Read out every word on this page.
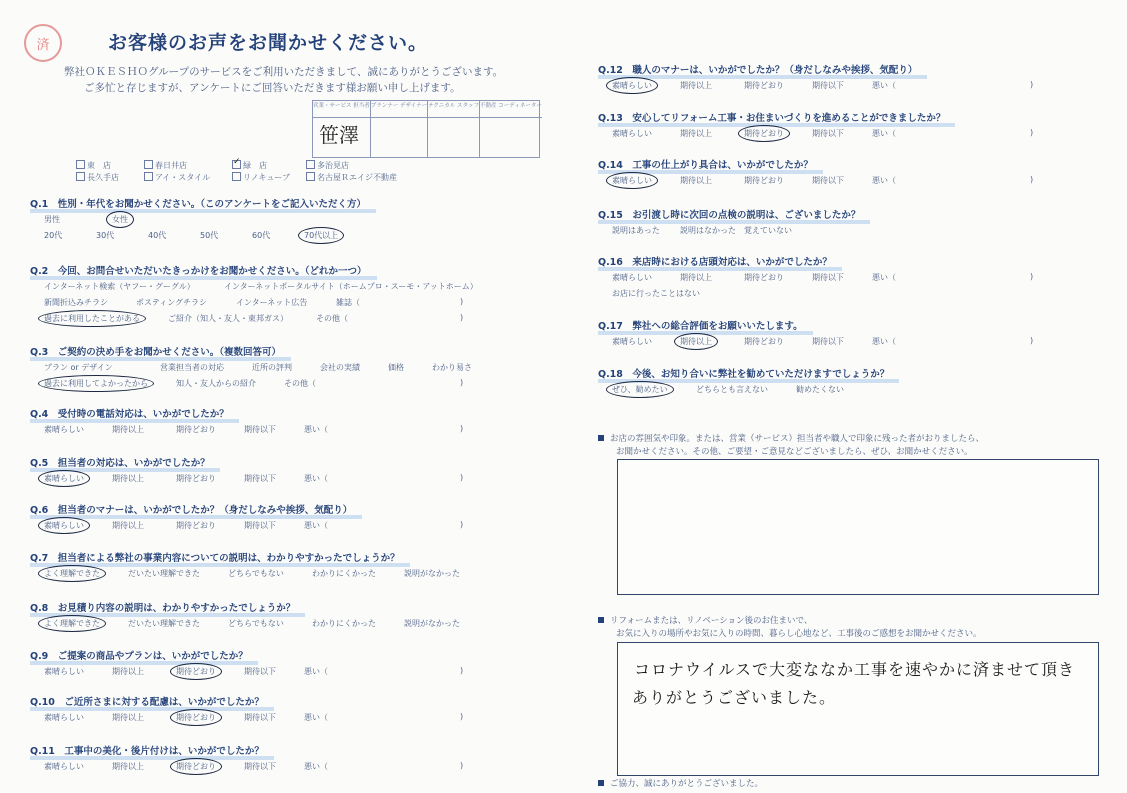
済	お客様のお声をお聞かせください。
弊社ＯＫＥＳＨＯグループのサービスをご利用いただきまして、誠にありがとうございます。
ご多忙と存じますが、アンケートにご回答いただきます様お願い申し上げます。
営業・サービス 担当者
笹澤
プランナー デザイナー テクニカル スタッフ 不動産 コーディネーター
東　店	春日井店
✓	緑　店	多治見店
長久手店	アイ・スタイル	リノキューブ	名古屋Ｒエイジ不動産
Q.1　性別・年代をお聞かせください。（このアンケートをご記入いただく方）
男性	女性
20代	30代	40代	50代	60代	70代以上
Q.2　今回、お問合せいただいたきっかけをお聞かせください。（どれか一つ）
インターネット検索（ヤフー・グーグル）	インターネットポータルサイト（ホームプロ・スーモ・アットホーム）
新聞折込みチラシ	ポスティングチラシ	インターネット広告	雑誌（	)
過去に利用したことがある	ご紹介（知人・友人・東邦ガス）	その他（	)
Q.3　ご契約の決め手をお聞かせください。（複数回答可）
プラン or デザイン	営業担当者の対応	近所の評判	会社の実績	価格	わかり易さ
過去に利用してよかったから	知人・友人からの紹介	その他（	)
Q.4　受付時の電話対応は、いかがでしたか？
素晴らしい	期待以上	期待どおり	期待以下	悪い（	)
Q.5　担当者の対応は、いかがでしたか？
素晴らしい	期待以上	期待どおり	期待以下	悪い（	)
Q.6　担当者のマナーは、いかがでしたか？（身だしなみや挨拶、気配り）
素晴らしい	期待以上	期待どおり	期待以下	悪い（	)
Q.7　担当者による弊社の事業内容についての説明は、わかりやすかったでしょうか？
よく理解できた	だいたい理解できた	どちらでもない	わかりにくかった	説明がなかった
Q.8　お見積り内容の説明は、わかりやすかったでしょうか？
よく理解できた	だいたい理解できた	どちらでもない	わかりにくかった	説明がなかった
Q.9　ご提案の商品やプランは、いかがでしたか？
素晴らしい	期待以上	期待どおり	期待以下	悪い（	)
Q.10　ご近所さまに対する配慮は、いかがでしたか？
素晴らしい	期待以上	期待どおり	期待以下	悪い（	)
Q.11　工事中の美化・後片付けは、いかがでしたか？
素晴らしい	期待以上	期待どおり	期待以下	悪い（	)
Q.12　職人のマナーは、いかがでしたか？（身だしなみや挨拶、気配り）
素晴らしい	期待以上	期待どおり	期待以下	悪い（	)
Q.13　安心してリフォーム工事・お住まいづくりを進めることができましたか？
素晴らしい	期待以上	期待どおり	期待以下	悪い（	)
Q.14　工事の仕上がり具合は、いかがでしたか？
素晴らしい	期待以上	期待どおり	期待以下	悪い（	)
Q.15　お引渡し時に次回の点検の説明は、ございましたか？
説明はあった	説明はなかった 覚えていない
Q.16　来店時における店頭対応は、いかがでしたか？
素晴らしい	期待以上	期待どおり	期待以下	悪い（	)
お店に行ったことはない
Q.17　弊社への総合評価をお願いいたします。
素晴らしい	期待以上	期待どおり	期待以下	悪い（	)
Q.18　今後、お知り合いに弊社を勧めていただけますでしょうか？
ぜひ、勧めたい	どちらとも言えない	勧めたくない
お店の雰囲気や印象。または、営業（サービス）担当者や職人で印象に残った者がおりましたら、
お聞かせください。その他、ご要望・ご意見などございましたら、ぜひ、お聞かせください。
リフォームまたは、リノベーション後のお住まいで、
お気に入りの場所やお気に入りの時間、暮らし心地など、工事後のご感想をお聞かせください。
コロナウイルスで大変ななか工事を速やかに済ませて頂き
ありがとうございました。
ご協力、誠にありがとうございました。
